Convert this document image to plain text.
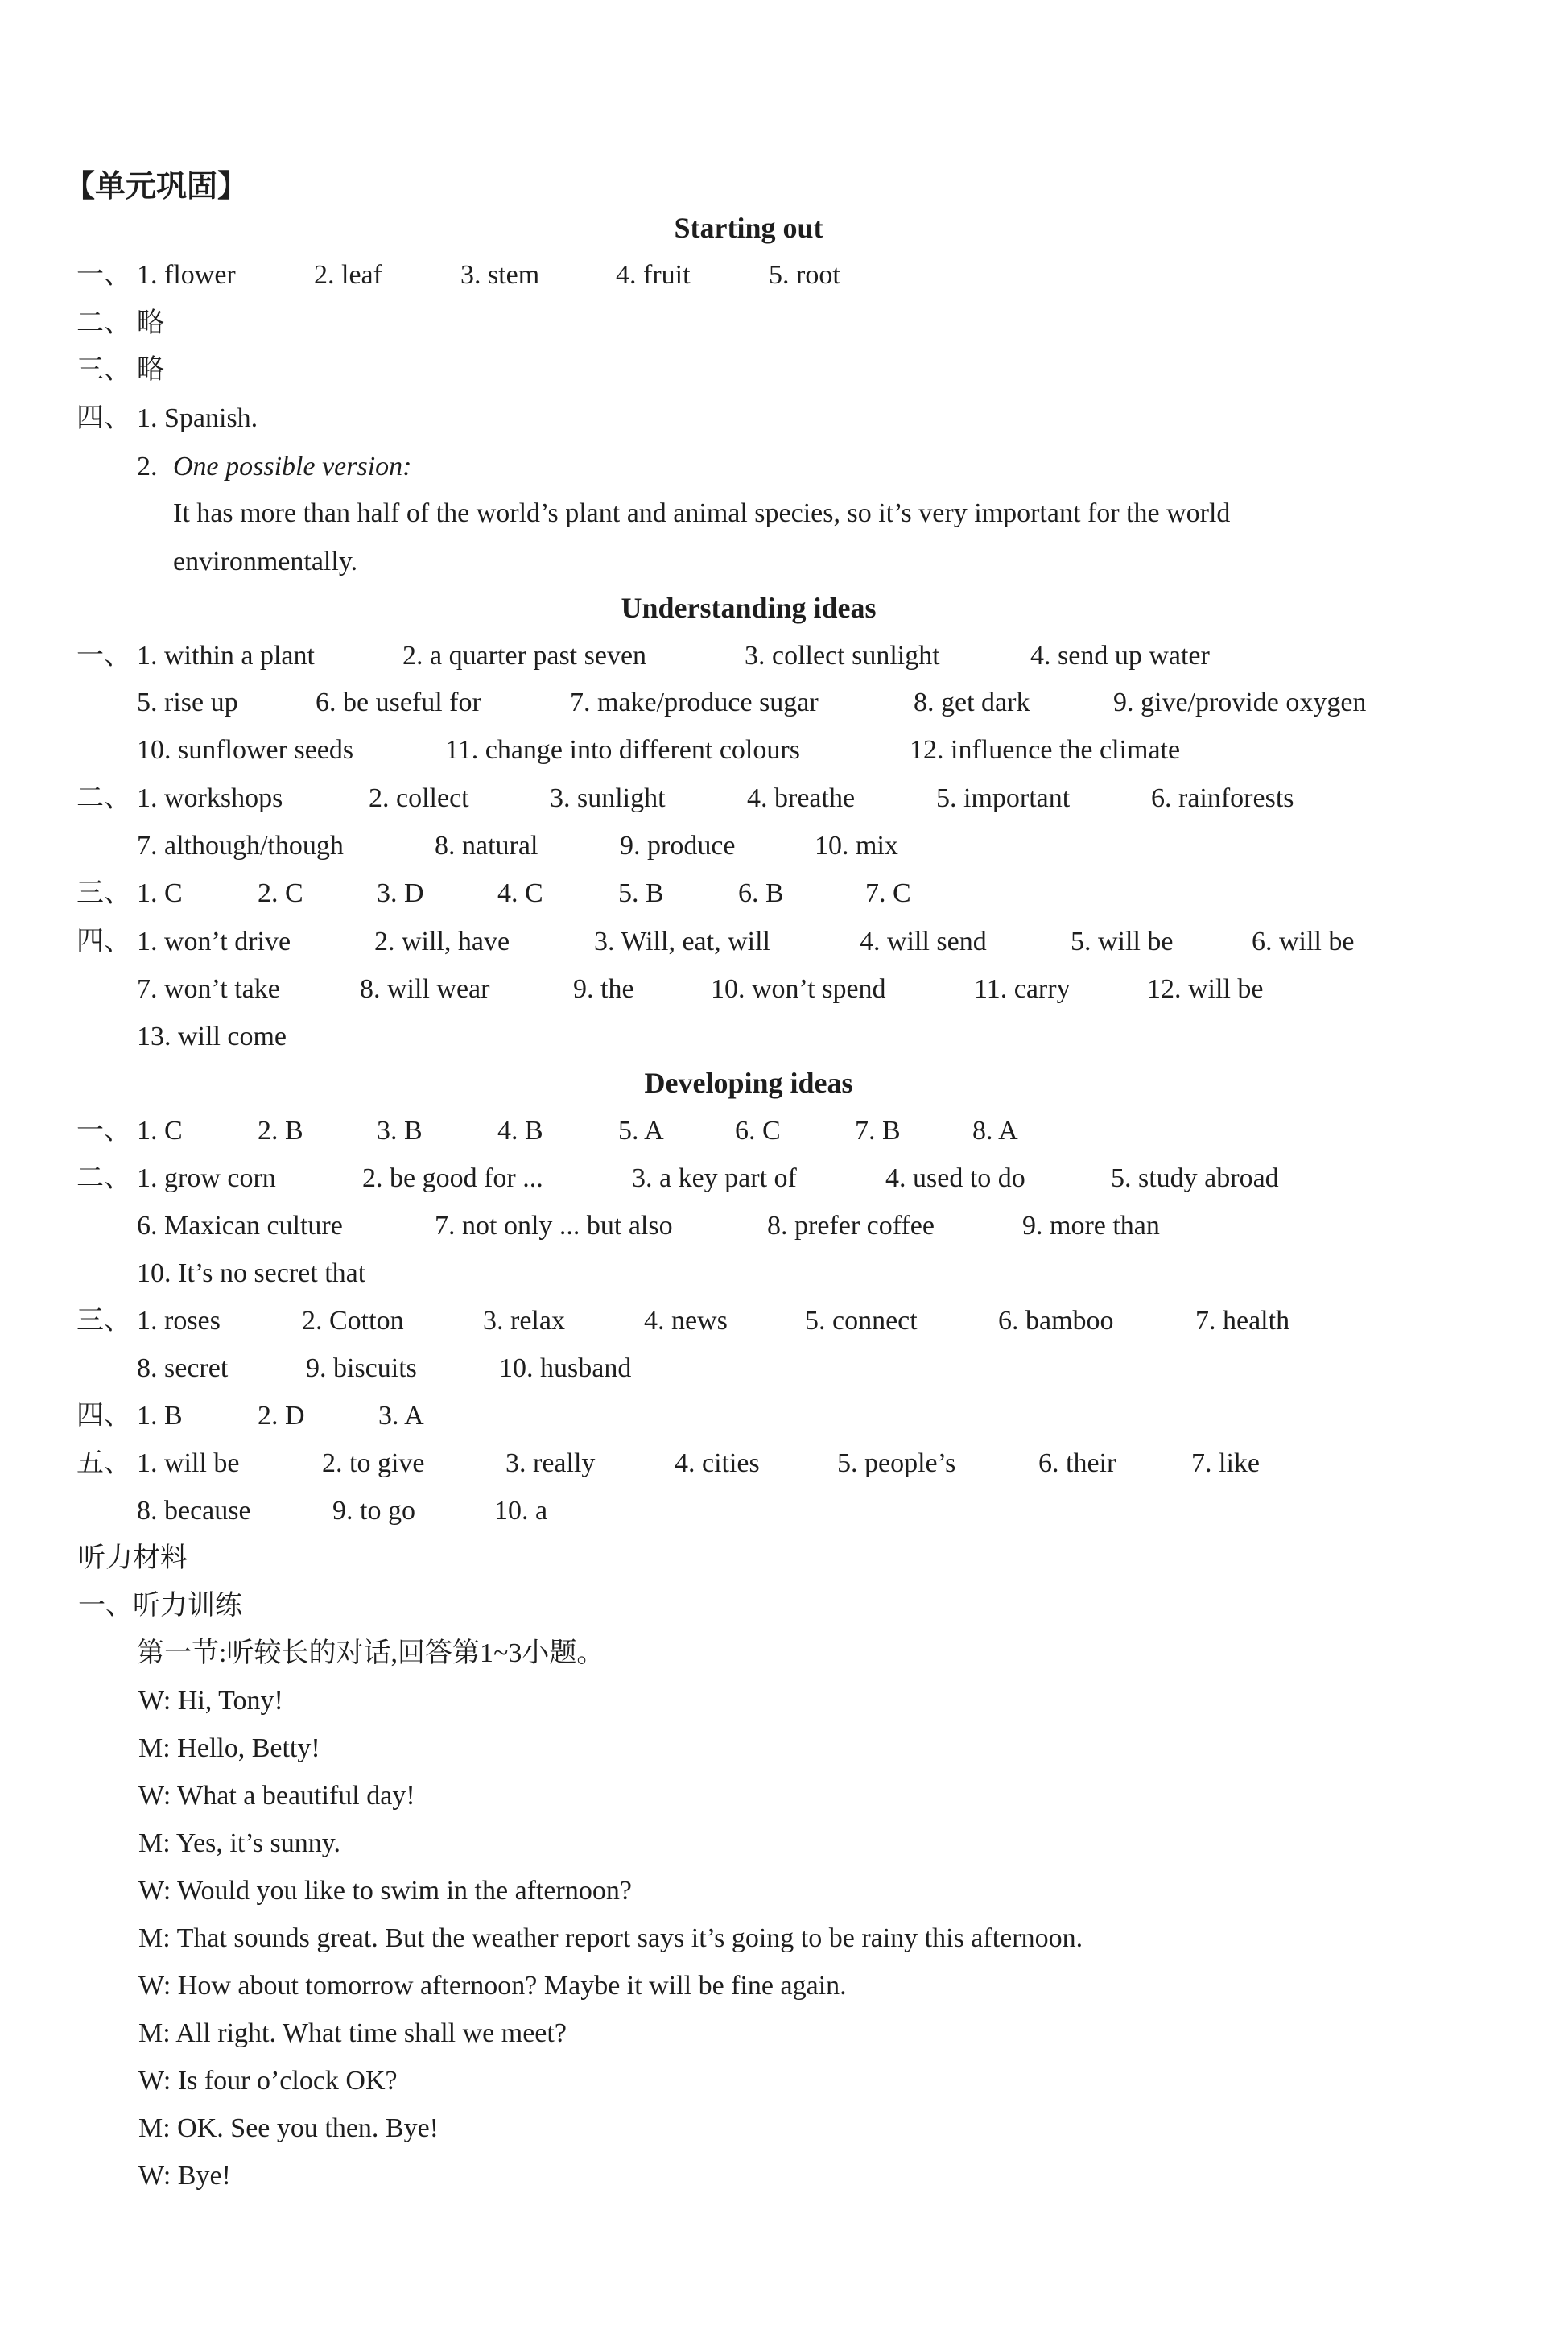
【单元巩固】
Starting out
一、 1. flower	2. leaf	3. stem	4. fruit	5. root
二、 略
三、 略
四、 1. Spanish.
2. One possible version:
It has more than half of the world’s plant and animal species, so it’s very important for the world
environmentally.
Understanding ideas
一、 1. within a plant	2. a quarter past seven	3. collect sunlight	4. send up water
5. rise up	6. be useful for	7. make/produce sugar	8. get dark	9. give/provide oxygen
10. sunflower seeds	11. change into different colours	12. influence the climate
二、 1. workshops	2. collect	3. sunlight	4. breathe	5. important	6. rainforests
7. although/though	8. natural	9. produce	10. mix
三、 1. C	2. C	3. D	4. C	5. B	6. B	7. C
四、 1. won’t drive	2. will, have	3. Will, eat, will	4. will send	5. will be	6. will be
7. won’t take	8. will wear	9. the	10. won’t spend	11. carry	12. will be
13. will come
Developing ideas
一、 1. C	2. B	3. B	4. B	5. A	6. C	7. B	8. A
二、 1. grow corn	2. be good for ...	3. a key part of	4. used to do	5. study abroad
6. Maxican culture	7. not only ... but also	8. prefer coffee	9. more than
10. It’s no secret that
三、 1. roses	2. Cotton	3. relax	4. news	5. connect	6. bamboo	7. health
8. secret	9. biscuits	10. husband
四、 1. B	2. D	3. A
五、 1. will be	2. to give	3. really	4. cities	5. people’s	6. their	7. like
8. because	9. to go	10. a
听力材料
一、听力训练
第一节:听较长的对话,回答第1~3小题。
W: Hi, Tony!
M: Hello, Betty!
W: What a beautiful day!
M: Yes, it’s sunny.
W: Would you like to swim in the afternoon?
M: That sounds great. But the weather report says it’s going to be rainy this afternoon.
W: How about tomorrow afternoon? Maybe it will be fine again.
M: All right. What time shall we meet?
W: Is four o’clock OK?
M: OK. See you then. Bye!
W: Bye!
